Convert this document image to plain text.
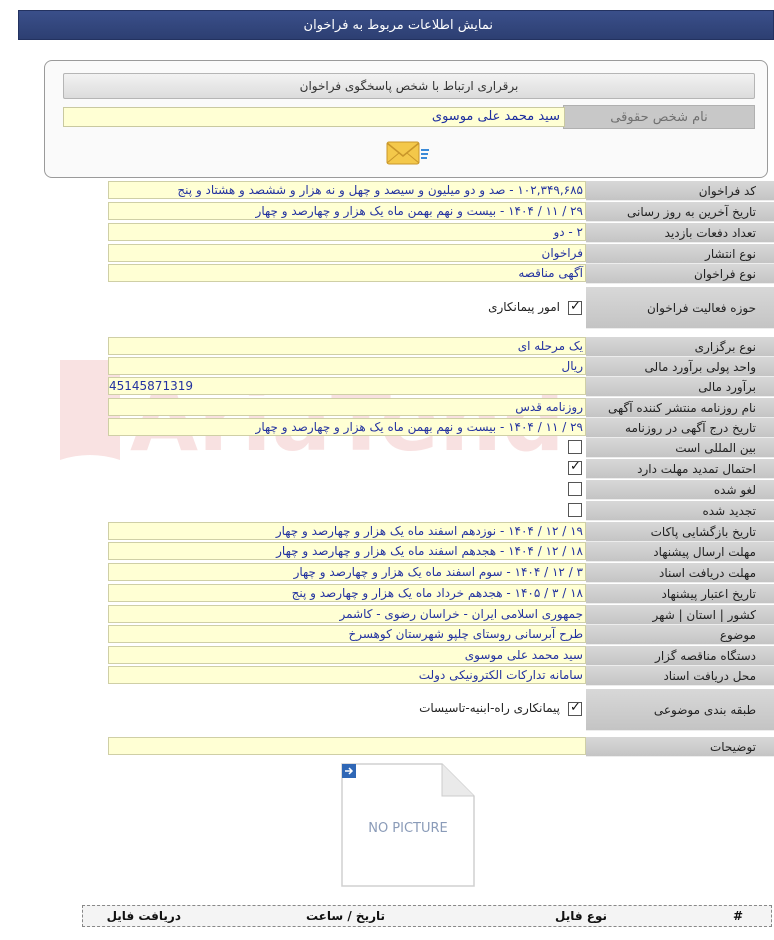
نمایش اطلاعات مربوط به فراخوان
برقراری ارتباط با شخص پاسخگوی فراخوان
نام شخص حقوقی
سید محمد علی موسوی
کد فراخوان
۱۰۲,۳۴۹,۶۸۵ - صد و دو میلیون و سیصد و چهل و نه هزار و ششصد و هشتاد و پنج
تاریخ آخرین به روز رسانی
۲۹ / ۱۱ / ۱۴۰۴ - بیست و نهم بهمن ماه یک هزار و چهارصد و چهار
تعداد دفعات بازدید
۲ - دو
نوع انتشار
فراخوان
نوع فراخوان
آگهی مناقصه
حوزه فعالیت فراخوان
✓
امور پیمانکاری
نوع برگزاری
یک مرحله ای
واحد پولی برآورد مالی
ریال
برآورد مالی
45145871319
نام روزنامه منتشر کننده آگهی
روزنامه قدس
تاریخ درج آگهی در روزنامه
۲۹ / ۱۱ / ۱۴۰۴ - بیست و نهم بهمن ماه یک هزار و چهارصد و چهار
بین المللی است
احتمال تمدید مهلت دارد
✓
لغو شده
تجدید شده
تاریخ بازگشایی پاکات
۱۹ / ۱۲ / ۱۴۰۴ - نوزدهم اسفند ماه یک هزار و چهارصد و چهار
مهلت ارسال پیشنهاد
۱۸ / ۱۲ / ۱۴۰۴ - هجدهم اسفند ماه یک هزار و چهارصد و چهار
مهلت دریافت اسناد
۳ / ۱۲ / ۱۴۰۴ - سوم اسفند ماه یک هزار و چهارصد و چهار
تاریخ اعتبار پیشنهاد
۱۸ / ۳ / ۱۴۰۵ - هجدهم خرداد ماه یک هزار و چهارصد و پنج
کشور | استان | شهر
جمهوری اسلامی ایران - خراسان رضوی - کاشمر
موضوع
طرح آبرسانی روستای چلپو شهرستان کوهسرخ
دستگاه مناقصه گزار
سید محمد علی موسوی
محل دریافت اسناد
سامانه تدارکات الکترونیکی دولت
طبقه بندی موضوعی
✓
پیمانکاری راه-ابنیه-تاسیسات
توضیحات
NO PICTURE
#
نوع فایل
تاریخ / ساعت
دریافت فایل
